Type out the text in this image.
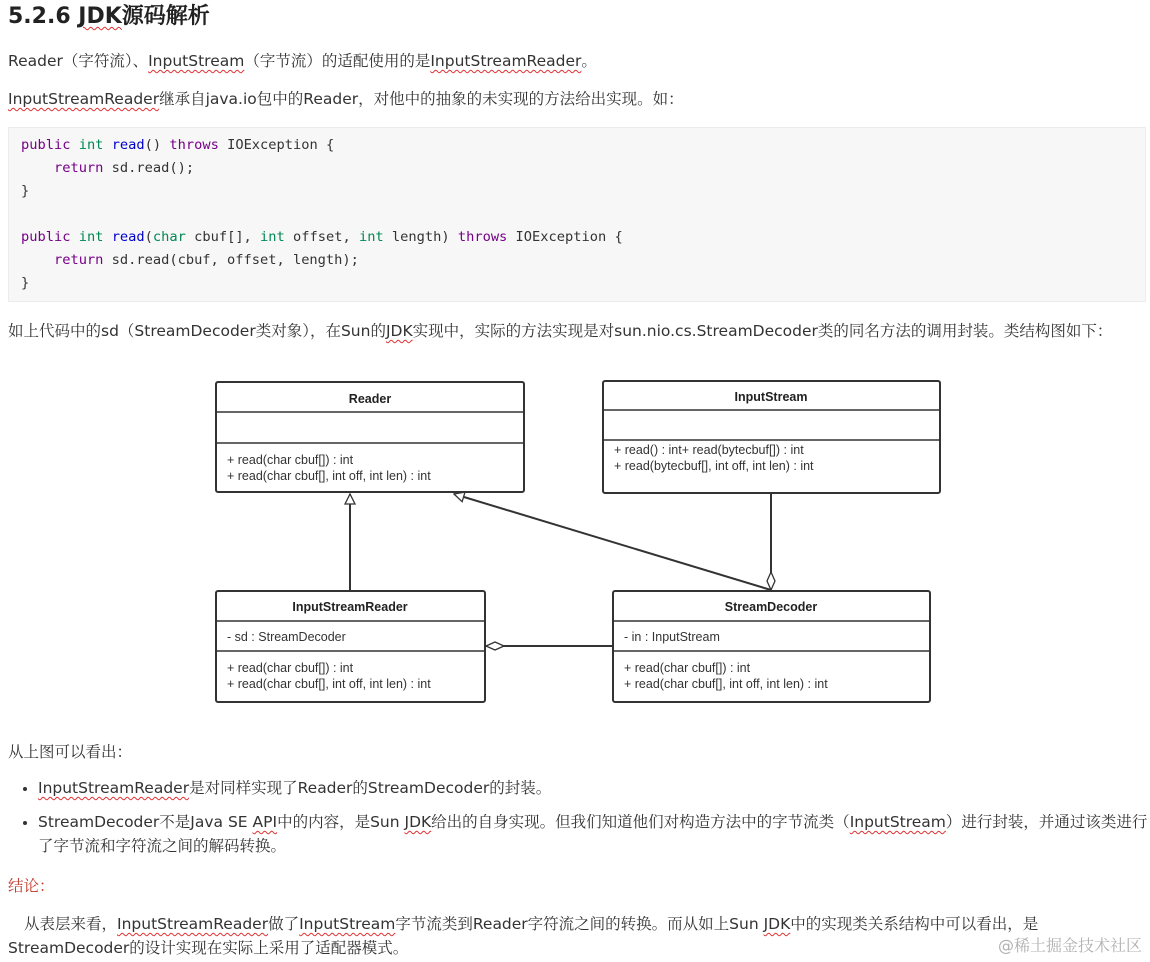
5.2.6 JDK源码解析

Reader（字符流）、InputStream（字节流）的适配使用的是InputStreamReader。

InputStreamReader继承自java.io包中的Reader，对他中的抽象的未实现的方法给出实现。如：

public int read() throws IOException {
return sd.read();
}

public int read(char cbuf[], int offset, int length) throws IOException {
return sd.read(cbuf, offset, length);
}

如上代码中的sd（StreamDecoder类对象），在Sun的JDK实现中，实际的方法实现是对sun.nio.cs.StreamDecoder类的同名方法的调用封装。类结构图如下：

Reader
+ read(char cbuf[]) : int
+ read(char cbuf[], int off, int len) : int
InputStream
+ read() : int+ read(bytecbuf[]) : int
+ read(bytecbuf[], int off, int len) : int
InputStreamReader
- sd : StreamDecoder
+ read(char cbuf[]) : int
+ read(char cbuf[], int off, int len) : int
StreamDecoder
- in : InputStream
+ read(char cbuf[]) : int
+ read(char cbuf[], int off, int len) : int

从上图可以看出：

• InputStreamReader是对同样实现了Reader的StreamDecoder的封装。
• StreamDecoder不是Java SE API中的内容，是Sun JDK给出的自身实现。但我们知道他们对构造方法中的字节流类（InputStream）进行封装，并通过该类进行了字节流和字符流之间的解码转换。

结论：

从表层来看，InputStreamReader做了InputStream字节流类到Reader字符流之间的转换。而从如上Sun JDK中的实现类关系结构中可以看出，是

StreamDecoder的设计实现在实际上采用了适配器模式。	@稀土掘金技术社区
